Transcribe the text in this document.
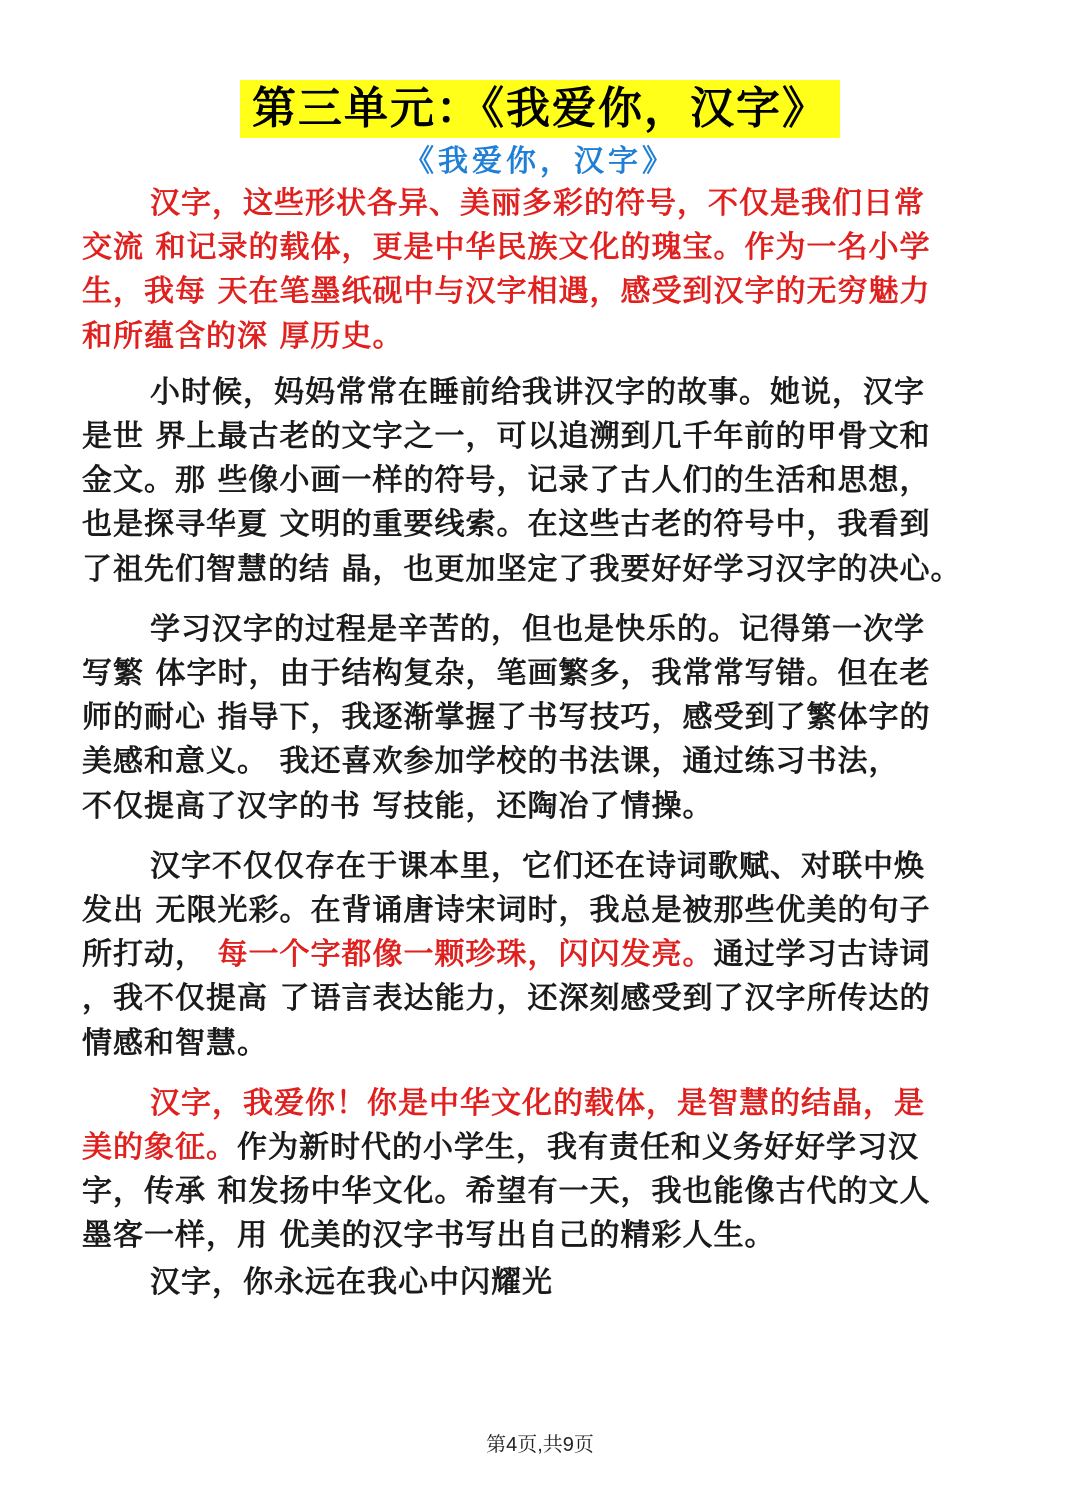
第三单元：《我爱你，汉字》
《我爱你，汉字》

汉字，这些形状各异、美丽多彩的符号，不仅是我们日常
交流 和记录的载体，更是中华民族文化的瑰宝。作为一名小学
生，我每 天在笔墨纸砚中与汉字相遇，感受到汉字的无穷魅力
和所蕴含的深 厚历史。

小时候，妈妈常常在睡前给我讲汉字的故事。她说，汉字
是世 界上最古老的文字之一，可以追溯到几千年前的甲骨文和
金文。那 些像小画一样的符号，记录了古人们的生活和思想，
也是探寻华夏 文明的重要线索。在这些古老的符号中，我看到
了祖先们智慧的结 晶，也更加坚定了我要好好学习汉字的决心。

学习汉字的过程是辛苦的，但也是快乐的。记得第一次学
写繁 体字时，由于结构复杂，笔画繁多，我常常写错。但在老
师的耐心 指导下，我逐渐掌握了书写技巧，感受到了繁体字的
美感和意义。 我还喜欢参加学校的书法课，通过练习书法，
不仅提高了汉字的书 写技能，还陶冶了情操。

汉字不仅仅存在于课本里，它们还在诗词歌赋、对联中焕
发出 无限光彩。在背诵唐诗宋词时，我总是被那些优美的句子
所打动， 每一个字都像一颗珍珠，闪闪发亮。通过学习古诗词
，我不仅提高 了语言表达能力，还深刻感受到了汉字所传达的
情感和智慧。

汉字，我爱你！你是中华文化的载体，是智慧的结晶，是
美的象征。作为新时代的小学生，我有责任和义务好好学习汉
字，传承 和发扬中华文化。希望有一天，我也能像古代的文人
墨客一样，用 优美的汉字书写出自己的精彩人生。

汉字，你永远在我心中闪耀光

第4页,共9页
